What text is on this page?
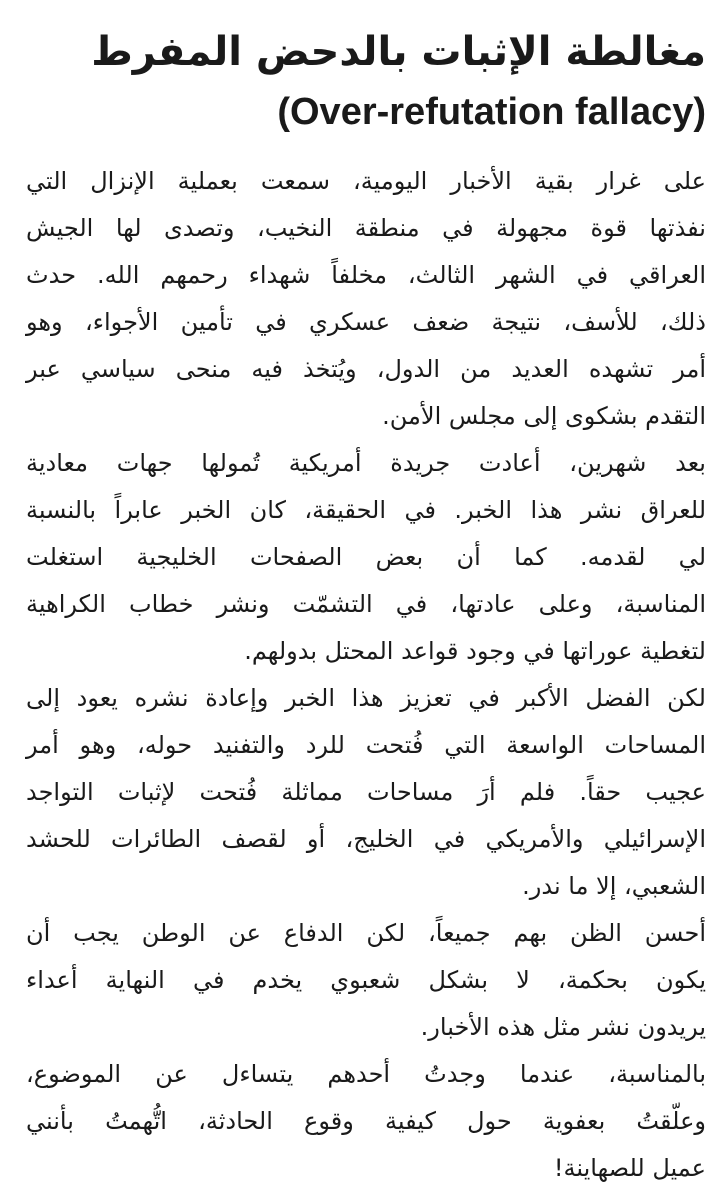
مغالطة الإثبات بالدحض المفرط
(Over-refutation fallacy)

على غرار بقية الأخبار اليومية، سمعت بعملية الإنزال التي
نفذتها قوة مجهولة في منطقة النخيب، وتصدى لها الجيش
العراقي في الشهر الثالث، مخلفاً شهداء رحمهم الله. حدث
ذلك، للأسف، نتيجة ضعف عسكري في تأمين الأجواء، وهو
أمر تشهده العديد من الدول، ويُتخذ فيه منحى سياسي عبر
التقدم بشكوى إلى مجلس الأمن.

بعد شهرين، أعادت جريدة أمريكية تُمولها جهات معادية
للعراق نشر هذا الخبر. في الحقيقة، كان الخبر عابراً بالنسبة
لي لقدمه. كما أن بعض الصفحات الخليجية استغلت
المناسبة، وعلى عادتها، في التشمّت ونشر خطاب الكراهية
لتغطية عوراتها في وجود قواعد المحتل بدولهم.

لكن الفضل الأكبر في تعزيز هذا الخبر وإعادة نشره يعود إلى
المساحات الواسعة التي فُتحت للرد والتفنيد حوله، وهو أمر
عجيب حقاً. فلم أرَ مساحات مماثلة فُتحت لإثبات التواجد
الإسرائيلي والأمريكي في الخليج، أو لقصف الطائرات للحشد
الشعبي، إلا ما ندر.

أحسن الظن بهم جميعاً، لكن الدفاع عن الوطن يجب أن
يكون بحكمة، لا بشكل شعبوي يخدم في النهاية أعداء
يريدون نشر مثل هذه الأخبار.

بالمناسبة، عندما وجدتُ أحدهم يتساءل عن الموضوع،
وعلّقتُ بعفوية حول كيفية وقوع الحادثة، اتُّهمتُ بأنني
عميل للصهاينة!
